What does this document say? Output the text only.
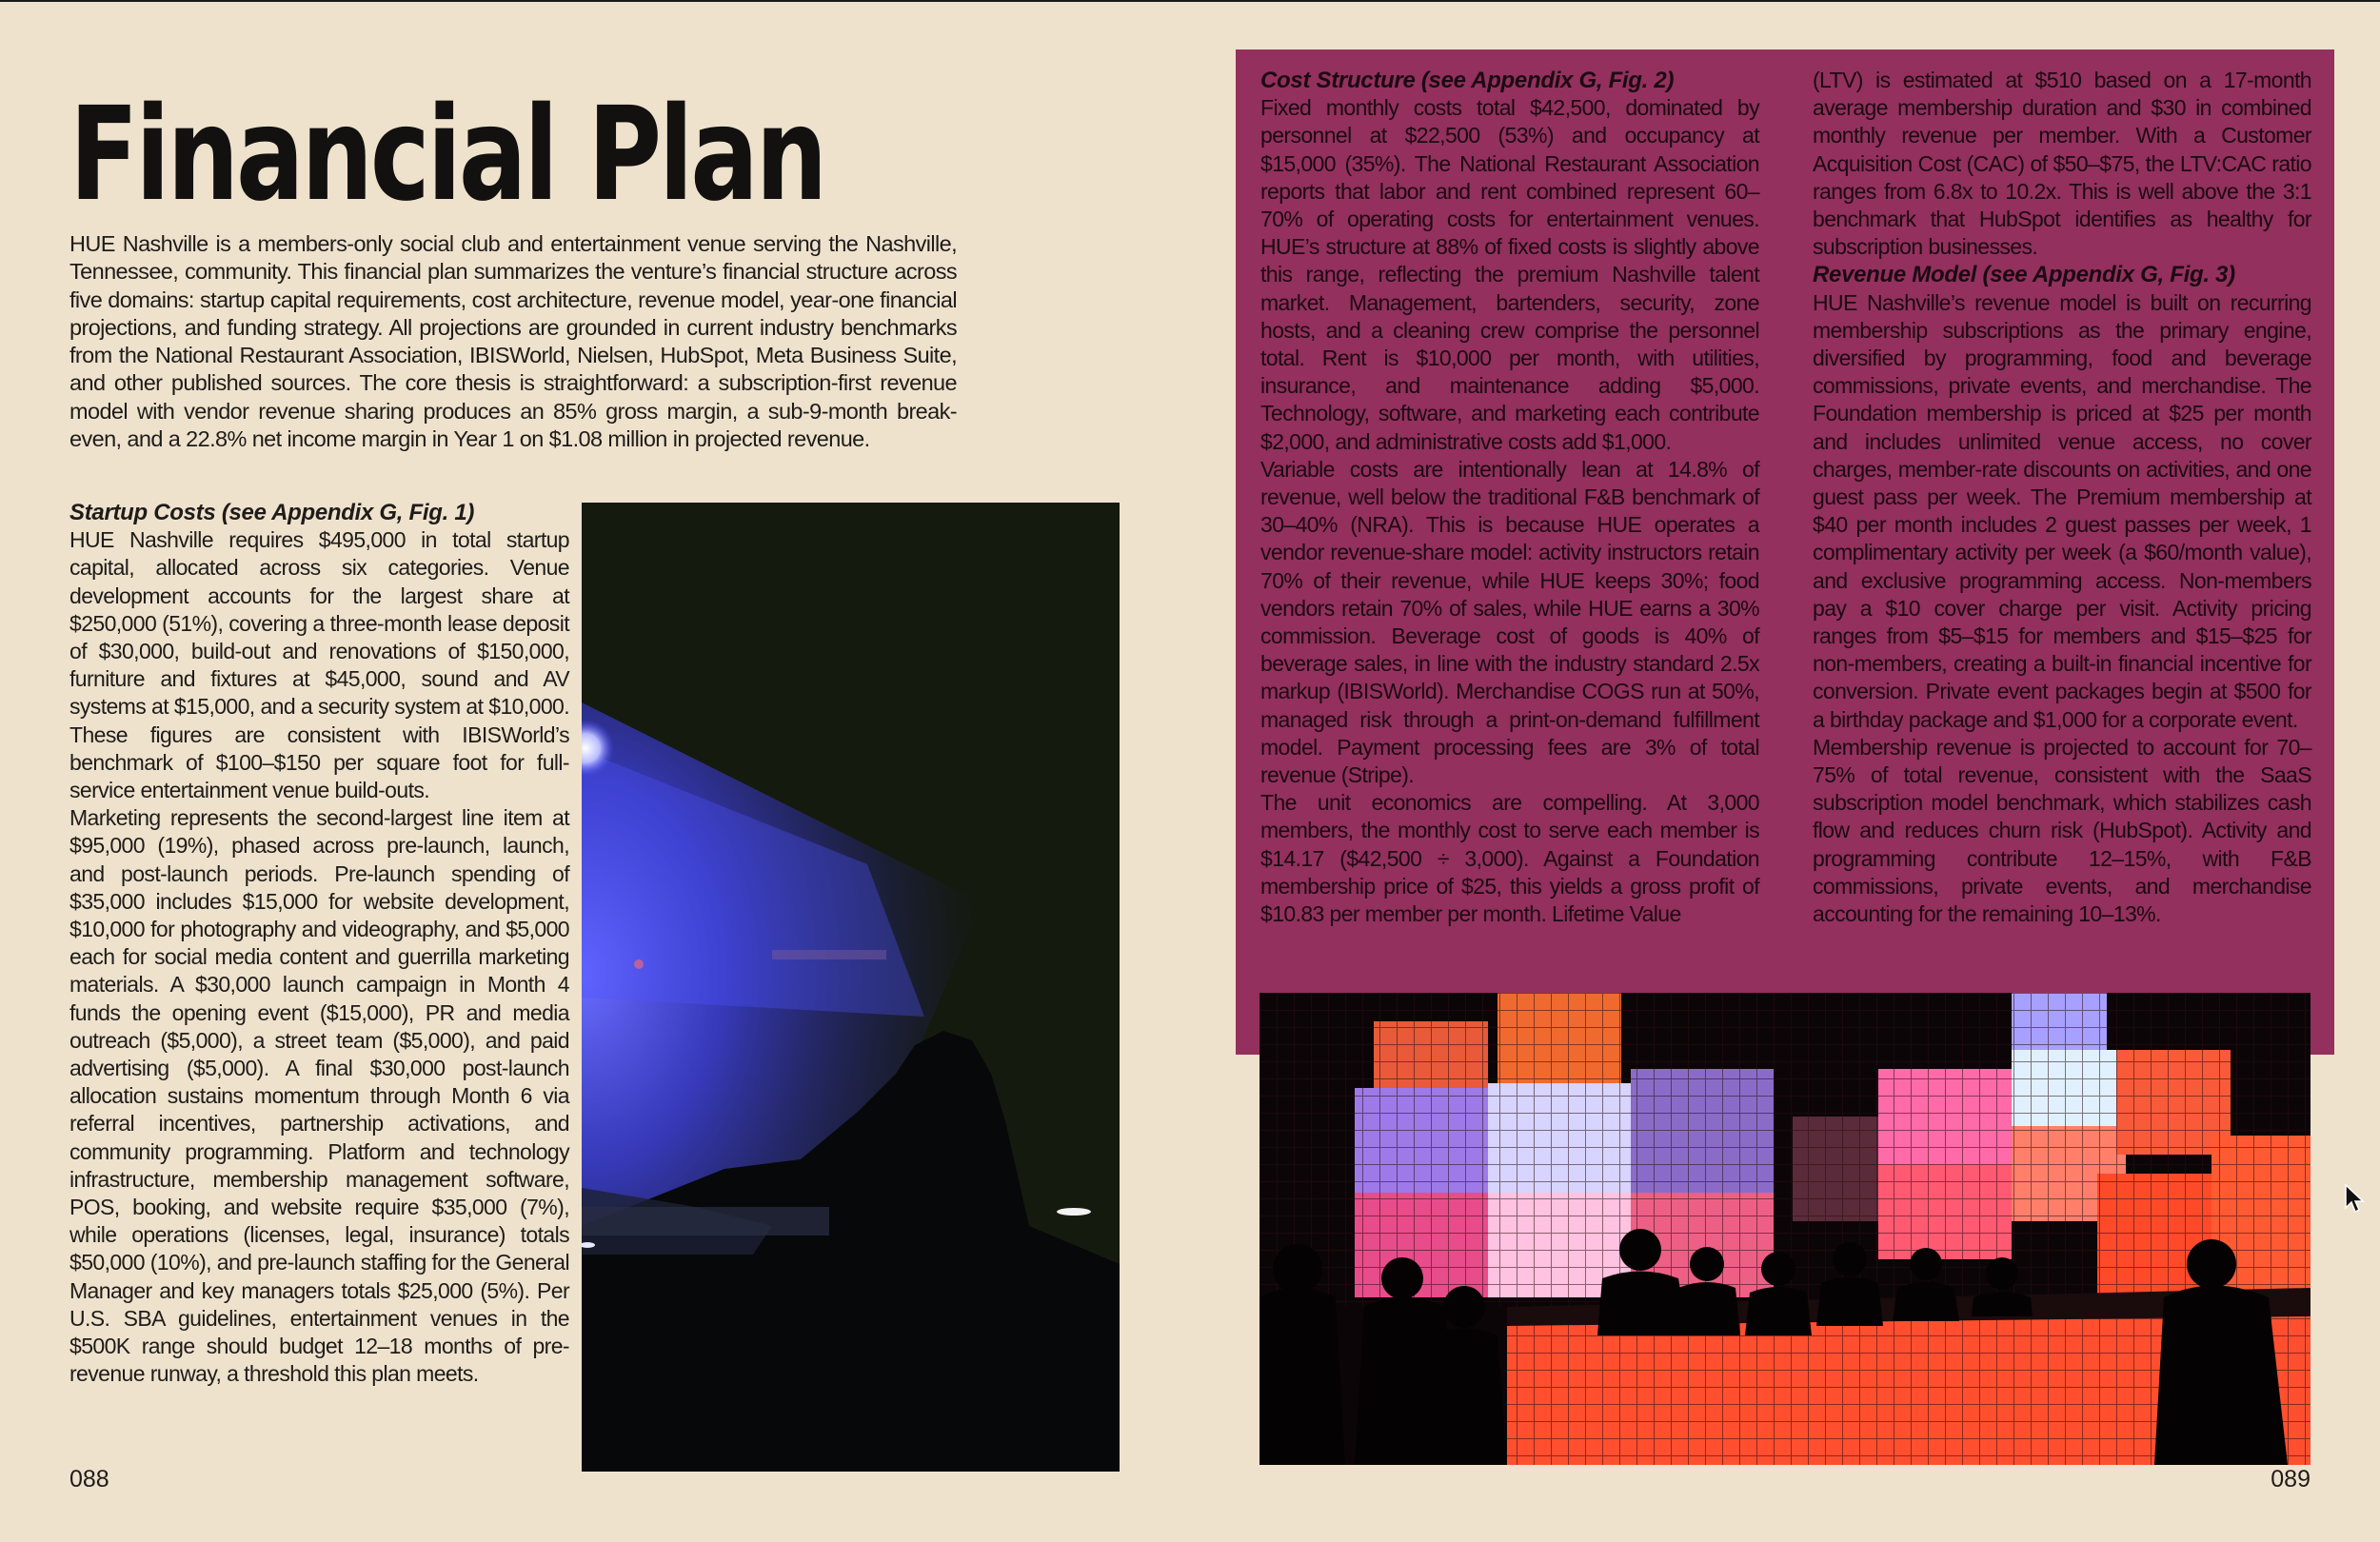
Financial Plan
HUE Nashville is a members-only social club and entertainment venue serving the Nashville, Tennessee, community. This financial plan summarizes the venture’s financial structure across five domains: startup capital requirements, cost architecture, revenue model, year-one financial projections, and funding strategy. All projections are grounded in current industry benchmarks from the National Restaurant Association, IBISWorld, Nielsen, HubSpot, Meta Business Suite, and other published sources. The core thesis is straightforward: a subscription-first revenue model with vendor revenue sharing produces an 85% gross margin, a sub-9-month break-even, and a 22.8% net income margin in Year 1 on $1.08 million in projected revenue.

Startup Costs (see Appendix G, Fig. 1)

HUE Nashville requires $495,000 in total startup capital, allocated across six categories. Venue development accounts for the largest share at $250,000 (51%), covering a three-month lease deposit of $30,000, build-out and renovations of $150,000, furniture and fixtures at $45,000, sound and AV systems at $15,000, and a security system at $10,000. These figures are consistent with IBISWorld’s benchmark of $100–$150 per square foot for full-service entertainment venue build-outs.

Marketing represents the second-largest line item at $95,000 (19%), phased across pre-launch, launch, and post-launch periods. Pre-launch spending of $35,000 includes $15,000 for website development, $10,000 for photography and videography, and $5,000 each for social media content and guerrilla marketing materials. A $30,000 launch campaign in Month 4 funds the opening event ($15,000), PR and media outreach ($5,000), a street team ($5,000), and paid advertising ($5,000). A final $30,000 post-launch allocation sustains momentum through Month 6 via referral incentives, partnership activations, and community programming. Platform and technology infrastructure, membership management software, POS, booking, and website require $35,000 (7%), while operations (licenses, legal, insurance) totals $50,000 (10%), and pre-launch staffing for the General Manager and key managers totals $25,000 (5%). Per U.S. SBA guidelines, entertainment venues in the $500K range should budget 12–18 months of pre-revenue runway, a threshold this plan meets.

Cost Structure (see Appendix G, Fig. 2)

Fixed monthly costs total $42,500, dominated by personnel at $22,500 (53%) and occupancy at $15,000 (35%). The National Restaurant Association reports that labor and rent combined represent 60–70% of operating costs for entertainment venues. HUE’s structure at 88% of fixed costs is slightly above this range, reflecting the premium Nashville talent market. Management, bartenders, security, zone hosts, and a cleaning crew comprise the personnel total. Rent is $10,000 per month, with utilities, insurance, and maintenance adding $5,000. Technology, software, and marketing each contribute $2,000, and administrative costs add $1,000.

Variable costs are intentionally lean at 14.8% of revenue, well below the traditional F&B benchmark of 30–40% (NRA). This is because HUE operates a vendor revenue-share model: activity instructors retain 70% of their revenue, while HUE keeps 30%; food vendors retain 70% of sales, while HUE earns a 30% commission. Beverage cost of goods is 40% of beverage sales, in line with the industry standard 2.5x markup (IBISWorld). Merchandise COGS run at 50%, managed risk through a print-on-demand fulfillment model. Payment processing fees are 3% of total revenue (Stripe).

The unit economics are compelling. At 3,000 members, the monthly cost to serve each member is $14.17 ($42,500 ÷ 3,000). Against a Foundation membership price of $25, this yields a gross profit of $10.83 per member per month. Lifetime Value

(LTV) is estimated at $510 based on a 17-month average membership duration and $30 in combined monthly revenue per member. With a Customer Acquisition Cost (CAC) of $50–$75, the LTV:CAC ratio ranges from 6.8x to 10.2x. This is well above the 3:1 benchmark that HubSpot identifies as healthy for subscription businesses.

Revenue Model (see Appendix G, Fig. 3)

HUE Nashville’s revenue model is built on recurring membership subscriptions as the primary engine, diversified by programming, food and beverage commissions, private events, and merchandise. The Foundation membership is priced at $25 per month and includes unlimited venue access, no cover charges, member-rate discounts on activities, and one guest pass per week. The Premium membership at $40 per month includes 2 guest passes per week, 1 complimentary activity per week (a $60/month value), and exclusive programming access. Non-members pay a $10 cover charge per visit. Activity pricing ranges from $5–$15 for members and $15–$25 for non-members, creating a built-in financial incentive for conversion. Private event packages begin at $500 for a birthday package and $1,000 for a corporate event.

Membership revenue is projected to account for 70–75% of total revenue, consistent with the SaaS subscription model benchmark, which stabilizes cash flow and reduces churn risk (HubSpot). Activity and programming contribute 12–15%, with F&B commissions, private events, and merchandise accounting for the remaining 10–13%.

088	089
